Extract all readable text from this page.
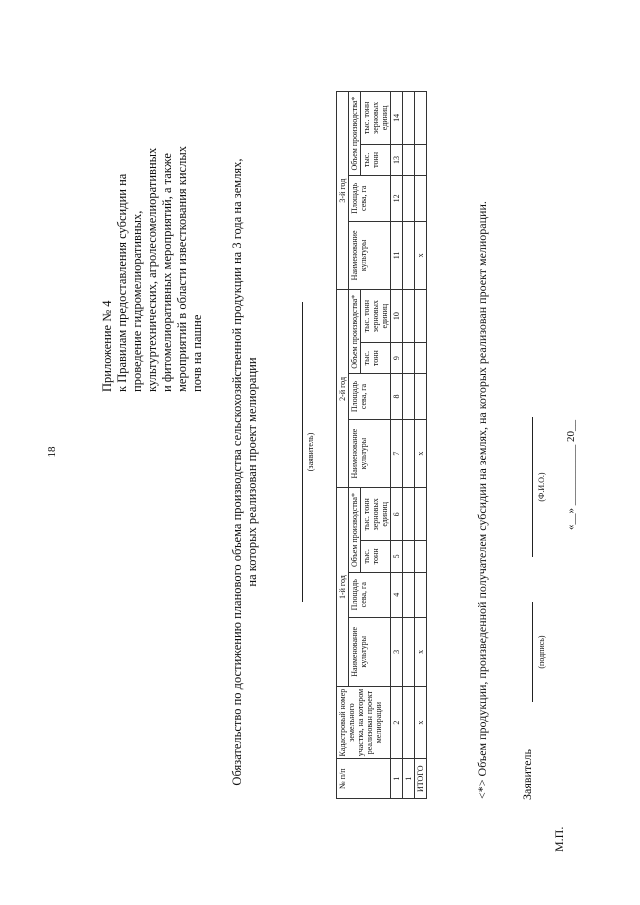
18
Приложение № 4 к Правилам предоставления субсидии на проведение гидромелиоративных, культуртехнических, агролесомелиоративных и фитомелиоративных мероприятий, а также мероприятий в области известкования кислых почв на пашне Обязательство по достижению планового объема производства сельскохозяйственной продукции на 3 года на землях, на которых реализован проект мелиорации	(заявитель)
№ п/п	Кадастровый номер земельного участка, на котором реализован проект мелиорации	1-й год				2-й год				3-й год			
		Наименование культуры	Площадь сева, га	Объем производства*		Наименование культуры	Площадь сева, га	Объем производства*		Наименование культуры	Площадь сева, га	Объем производства*	
				тыс. тонн	тыс. тонн зерновых единиц			тыс. тонн	тыс. тонн зерновых единиц			тыс. тонн	тыс. тонн зерновых единиц
1	2	3	4	5	6	7	8	9	10	11	12	13	14
1													
ИТОГО	x	x				x				x				<*> Объем продукции, произведенной получателем субсидии на землях, на которых реализован проект мелиорации.	Заявитель
(подпись)
(Ф.И.О.) «__» ___________ 20__
М.П.
